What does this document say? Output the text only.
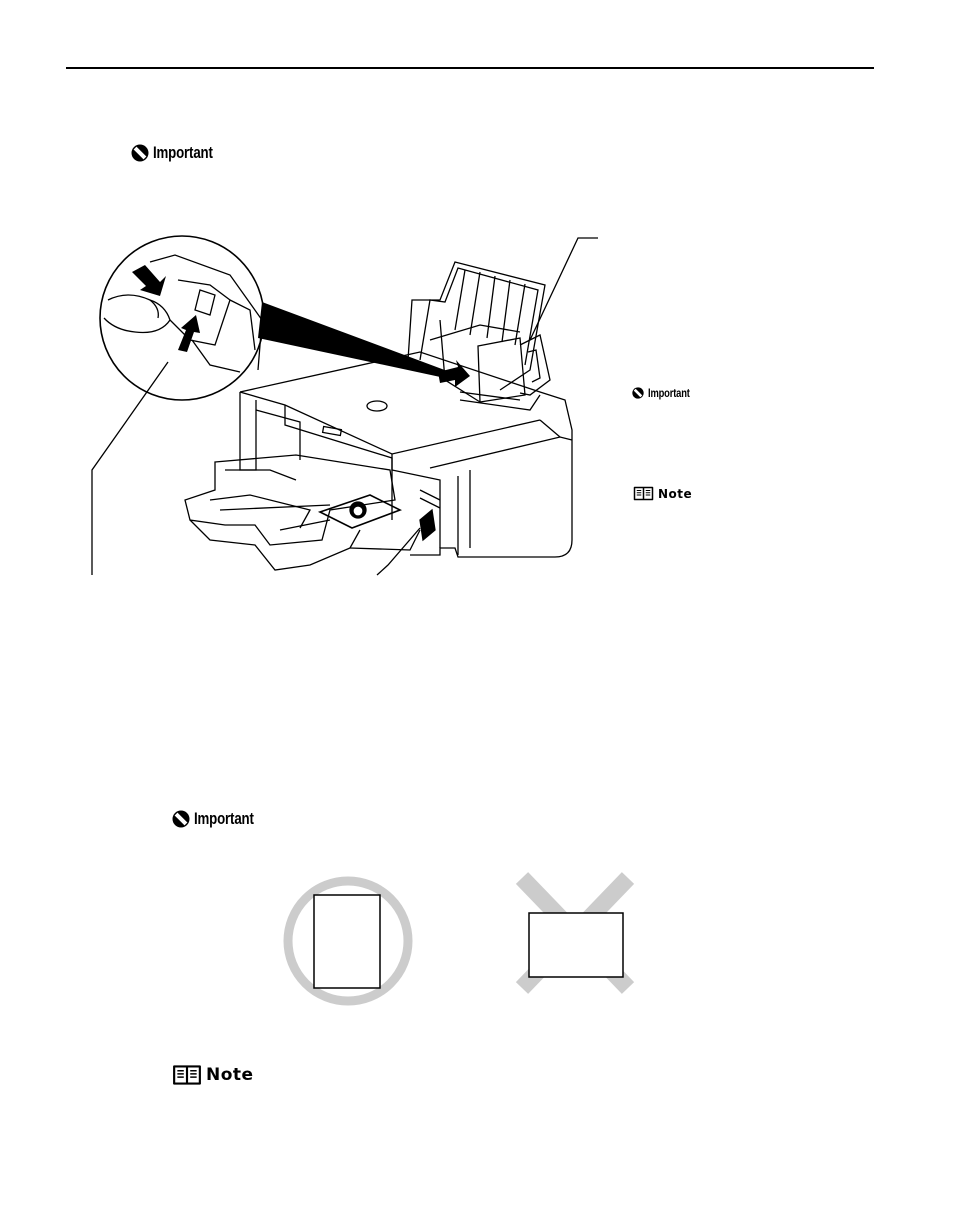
Important
Important
Note
Important
Note
